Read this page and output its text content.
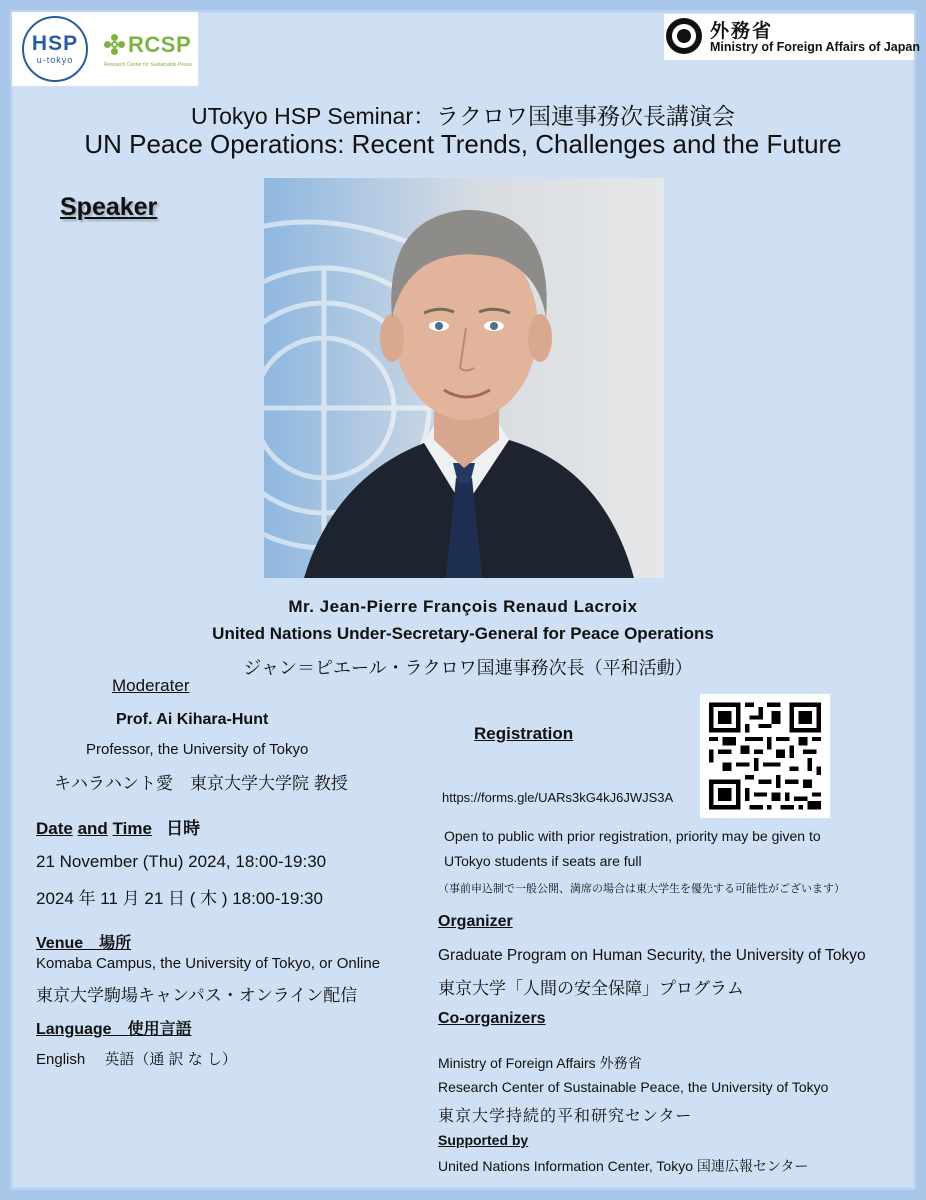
HSP
u-tokyo
RCSP
Research Center for Sustainable Peace
外務省
Ministry of Foreign Affairs of Japan
UTokyo HSP Seminar：ラクロワ国連事務次長講演会
UN Peace Operations: Recent Trends, Challenges and the Future
Speaker
Mr. Jean-Pierre François Renaud Lacroix
United Nations Under-Secretary-General for Peace Operations
ジャン＝ピエール・ラクロワ国連事務次長（平和活動）
Moderater
Prof. Ai Kihara-Hunt
Professor, the University of Tokyo
キハラハント愛　東京大学大学院 教授
Date and Time 日時
21 November (Thu) 2024, 18:00-19:30
2024 年 11 月 21 日 ( 木 ) 18:00-19:30
Venue　場所
Komaba Campus, the University of Tokyo, or Online
東京大学駒場キャンパス・オンライン配信
Language　使用言語
English　 英語（通 訳 な し）
Registration
https://forms.gle/UARs3kG4kJ6JWJS3A
Open to public with prior registration, priority may be given to
UTokyo students if seats are full
（事前申込制で一般公開、満席の場合は東大学生を優先する可能性がございます）
Organizer
Graduate Program on Human Security, the University of Tokyo
東京大学「人間の安全保障」プログラム
Co-organizers
Ministry of Foreign Affairs 外務省
Research Center of Sustainable Peace, the University of Tokyo
東京大学持続的平和研究センター
Supported by
United Nations Information Center, Tokyo 国連広報センター
